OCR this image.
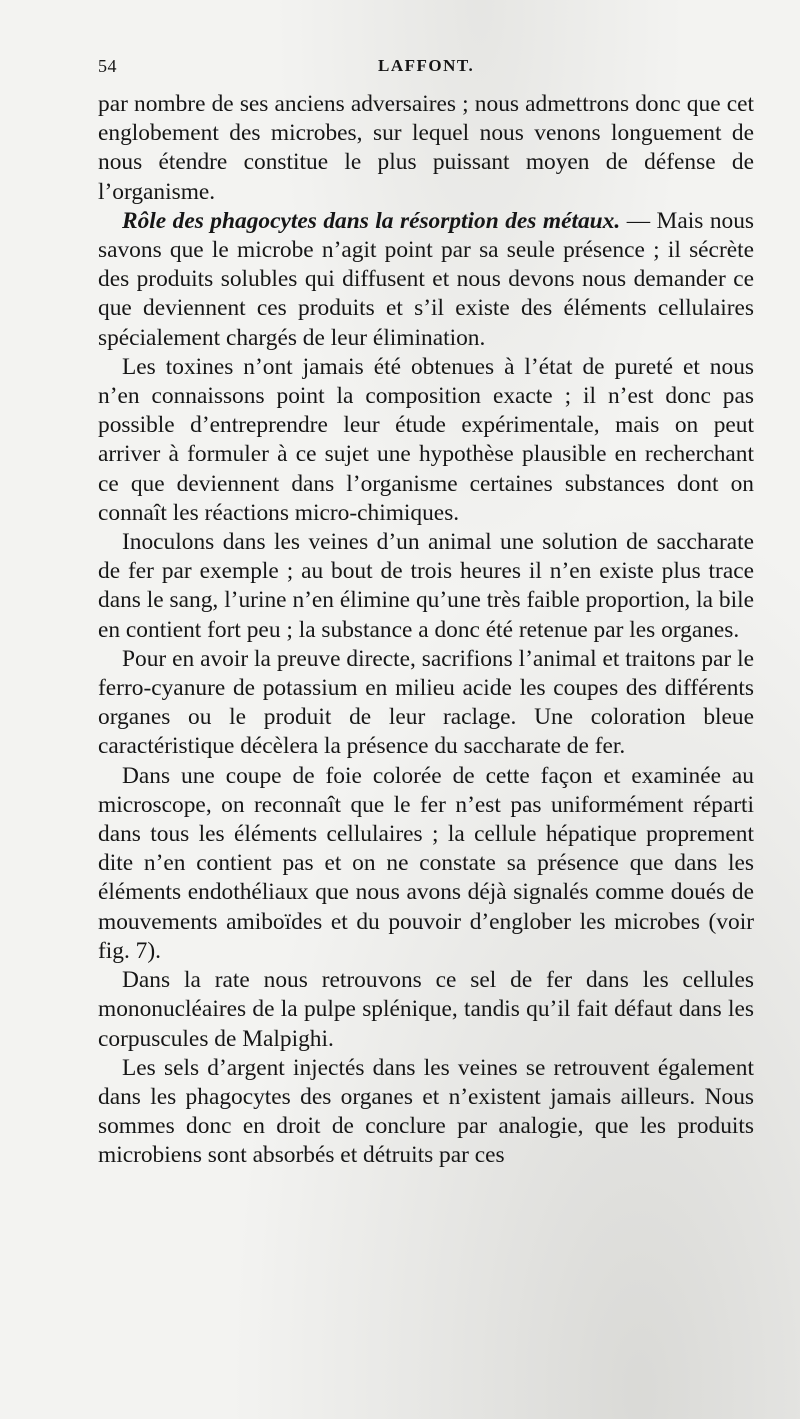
54	LAFFONT.

par nombre de ses anciens adversaires ; nous admettrons donc que cet englobement des microbes, sur lequel nous venons longuement de nous étendre constitue le plus puissant moyen de défense de l’organisme.

Rôle des phagocytes dans la résorption des métaux. — Mais nous savons que le microbe n’agit point par sa seule présence ; il sécrète des produits solubles qui diffusent et nous devons nous demander ce que deviennent ces produits et s’il existe des éléments cellulaires spécialement chargés de leur élimination.

Les toxines n’ont jamais été obtenues à l’état de pureté et nous n’en connaissons point la composition exacte ; il n’est donc pas possible d’entreprendre leur étude expérimentale, mais on peut arriver à formuler à ce sujet une hypothèse plausible en recherchant ce que deviennent dans l’organisme certaines substances dont on connaît les réactions micro-chimiques.

Inoculons dans les veines d’un animal une solution de saccharate de fer par exemple ; au bout de trois heures il n’en existe plus trace dans le sang, l’urine n’en élimine qu’une très faible proportion, la bile en contient fort peu ; la substance a donc été retenue par les organes.

Pour en avoir la preuve directe, sacrifions l’animal et traitons par le ferro-cyanure de potassium en milieu acide les coupes des différents organes ou le produit de leur raclage. Une coloration bleue caractéristique décèlera la présence du saccharate de fer.

Dans une coupe de foie colorée de cette façon et examinée au microscope, on reconnaît que le fer n’est pas uniformément réparti dans tous les éléments cellulaires ; la cellule hépatique proprement dite n’en contient pas et on ne constate sa présence que dans les éléments endothéliaux que nous avons déjà signalés comme doués de mouvements amiboïdes et du pouvoir d’englober les microbes (voir fig. 7).

Dans la rate nous retrouvons ce sel de fer dans les cellules mononucléaires de la pulpe splénique, tandis qu’il fait défaut dans les corpuscules de Malpighi.

Les sels d’argent injectés dans les veines se retrouvent également dans les phagocytes des organes et n’existent jamais ailleurs. Nous sommes donc en droit de conclure par analogie, que les produits microbiens sont absorbés et détruits par ces
